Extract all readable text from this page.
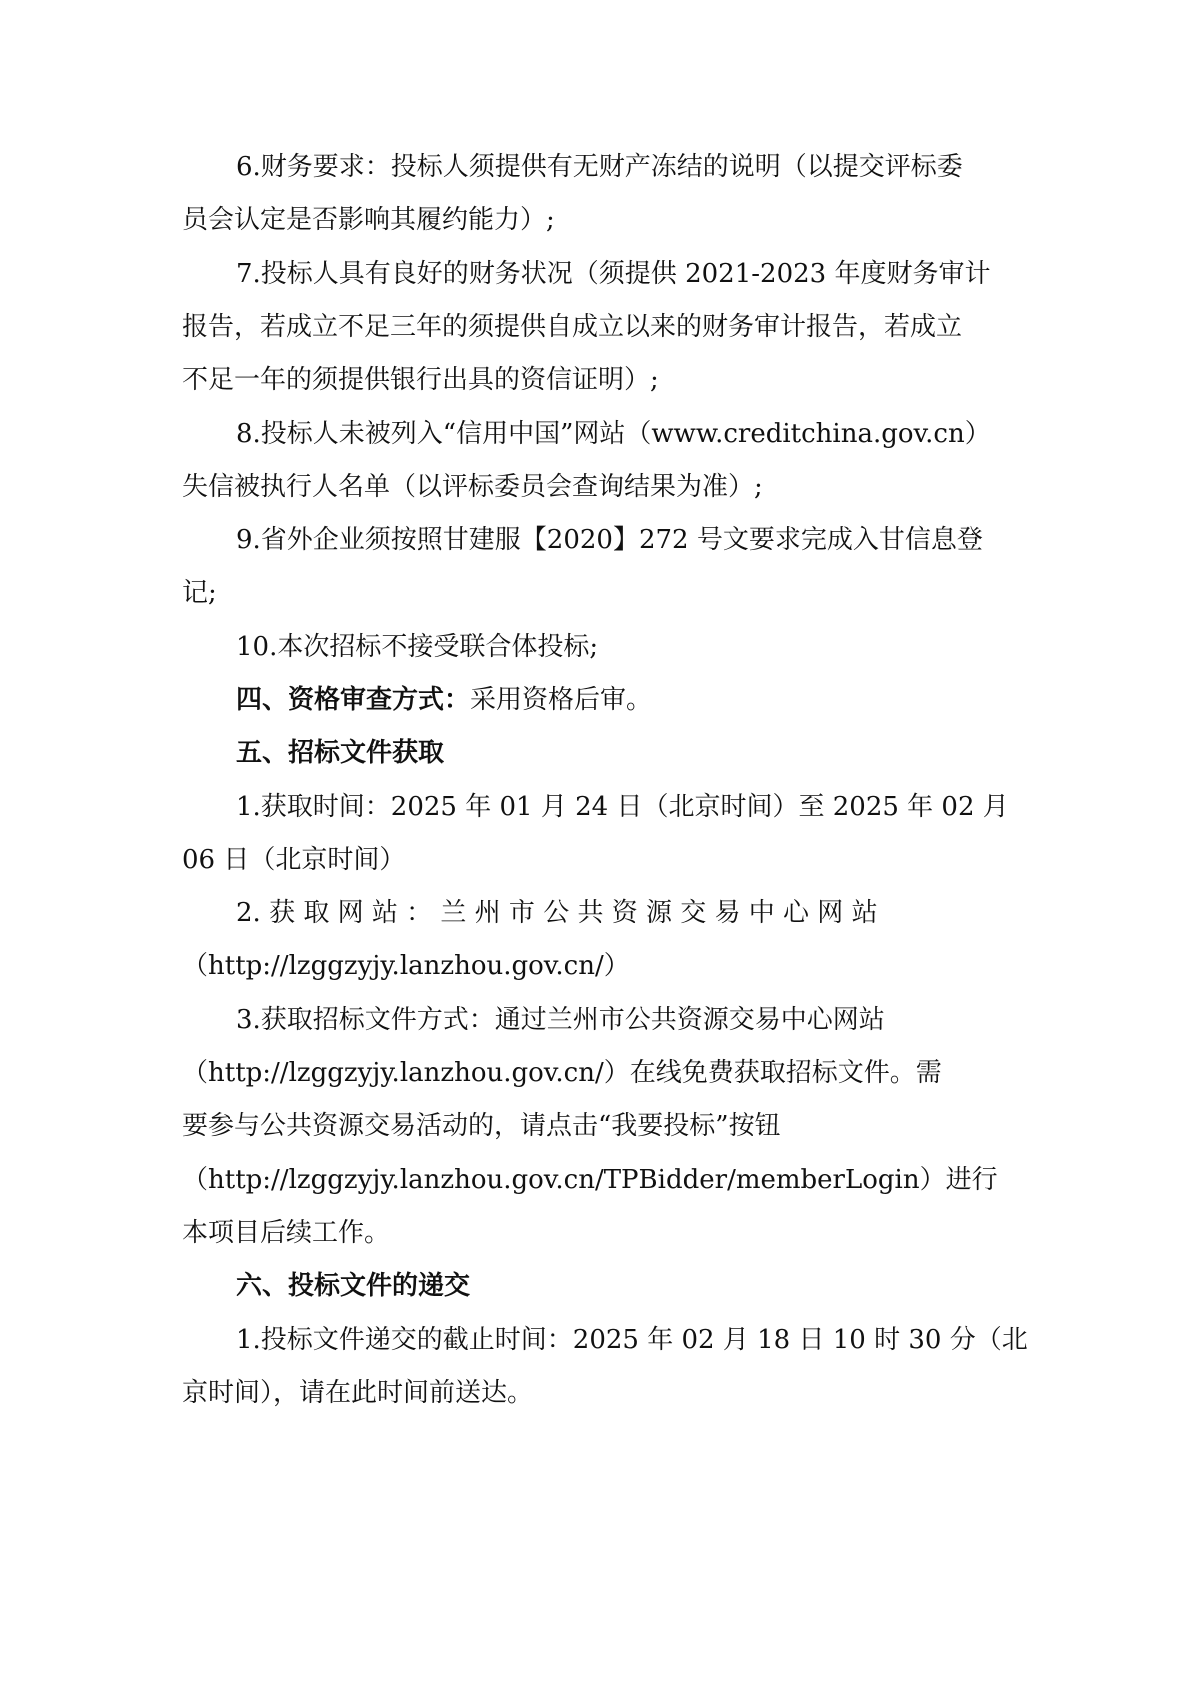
6.财务要求：投标人须提供有无财产冻结的说明（以提交评标委
员会认定是否影响其履约能力）;
7.投标人具有良好的财务状况（须提供 2021-2023 年度财务审计
报告，若成立不足三年的须提供自成立以来的财务审计报告，若成立
不足一年的须提供银行出具的资信证明）;
8.投标人未被列入“信用中国”网站（www.creditchina.gov.cn）
失信被执行人名单（以评标委员会查询结果为准）;
9.省外企业须按照甘建服【2020】272 号文要求完成入甘信息登
记;
10.本次招标不接受联合体投标;
四、资格审查方式：采用资格后审。
五、招标文件获取
1.获取时间：2025 年 01 月 24 日（北京时间）至 2025 年 02 月
06 日（北京时间）
2. 获 取 网 站 ： 兰 州 市 公 共 资 源 交 易 中 心 网 站
（http://lzggzyjy.lanzhou.gov.cn/）
3.获取招标文件方式：通过兰州市公共资源交易中心网站
（http://lzggzyjy.lanzhou.gov.cn/）在线免费获取招标文件。需
要参与公共资源交易活动的，请点击“我要投标”按钮
（http://lzggzyjy.lanzhou.gov.cn/TPBidder/memberLogin）进行
本项目后续工作。
六、投标文件的递交
1.投标文件递交的截止时间：2025 年 02 月 18 日 10 时 30 分（北
京时间），请在此时间前送达。
